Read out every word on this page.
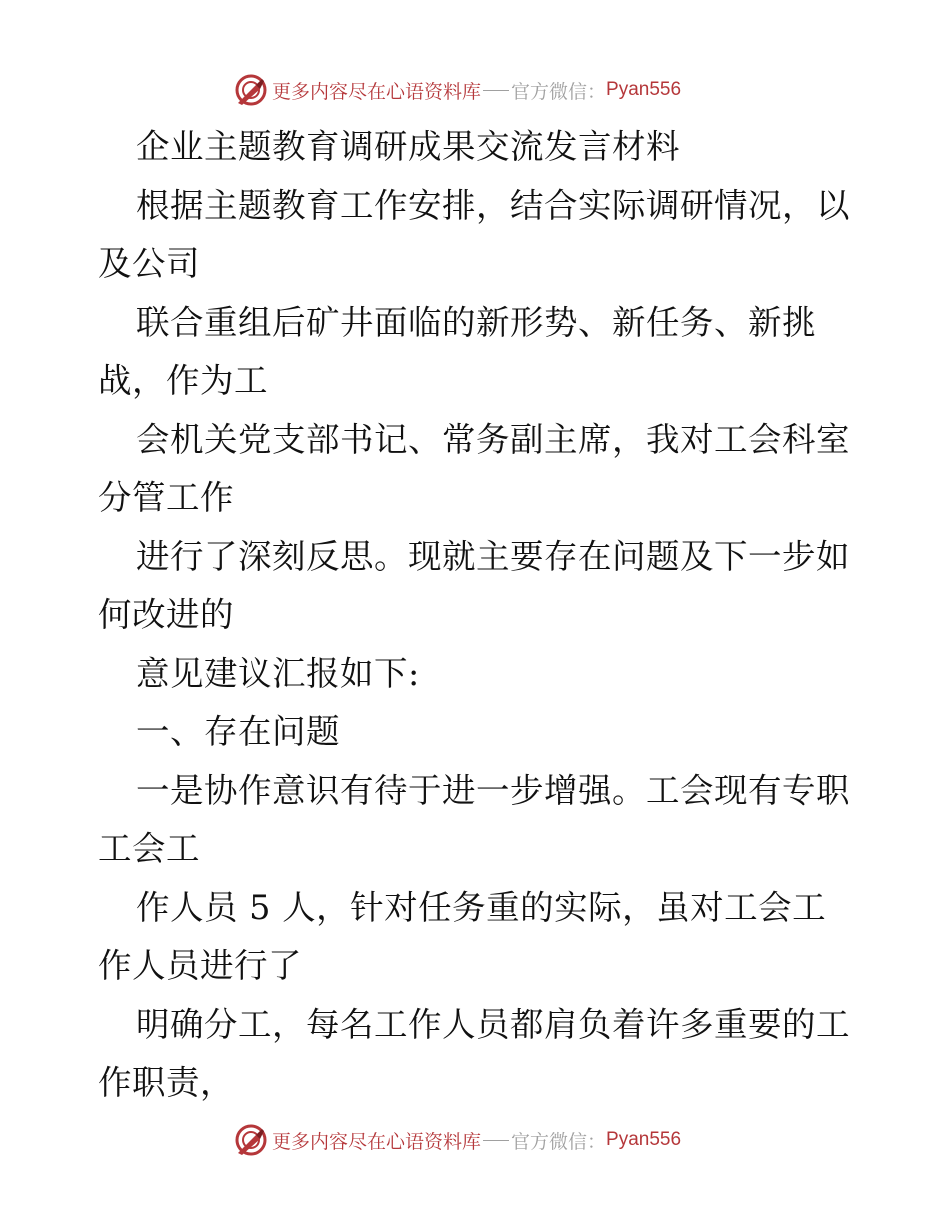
更多内容尽在心语资料库 官方微信： Pyan556
企业主题教育调研成果交流发言材料
根据主题教育工作安排，结合实际调研情况，以
及公司
联合重组后矿井面临的新形势、新任务、新挑
战，作为工
会机关党支部书记、常务副主席，我对工会科室
分管工作
进行了深刻反思。现就主要存在问题及下一步如
何改进的
意见建议汇报如下:
一、存在问题
一是协作意识有待于进一步增强。工会现有专职
工会工
作人员 5 人，针对任务重的实际，虽对工会工
作人员进行了
明确分工，每名工作人员都肩负着许多重要的工
作职责，
更多内容尽在心语资料库 官方微信： Pyan556
